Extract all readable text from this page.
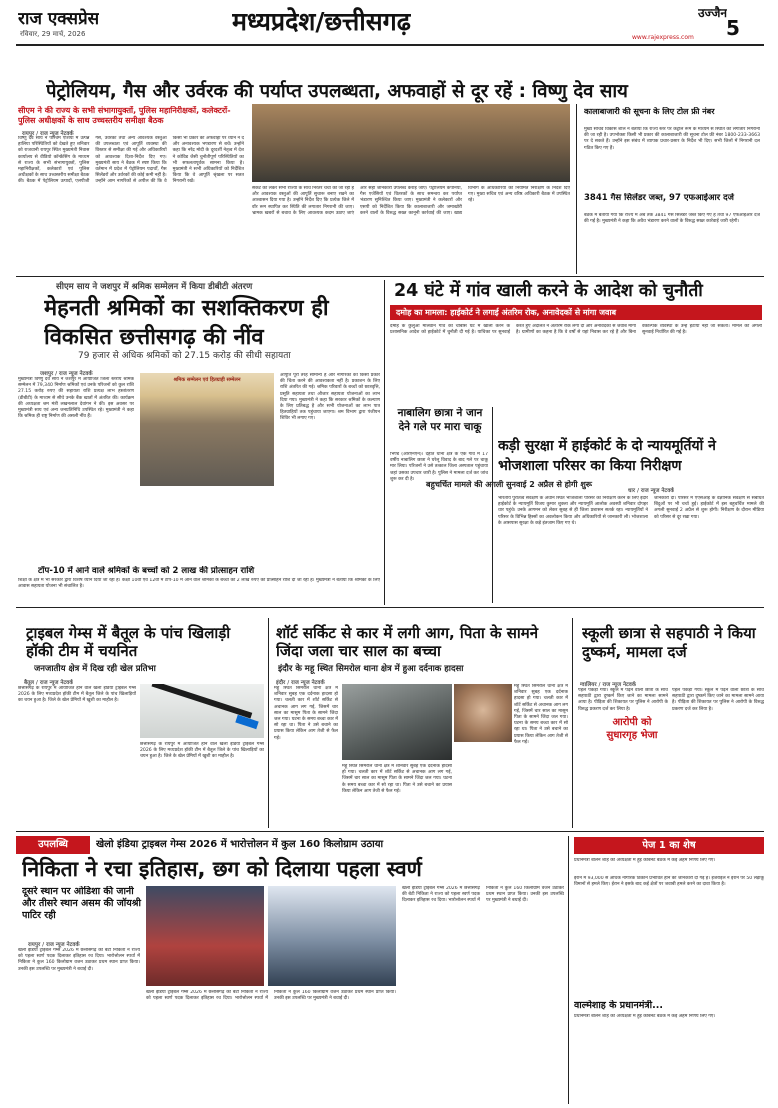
राज एक्सप्रेस
रविवार, 29 मार्च, 2026	मध्यप्रदेश/छत्तीसगढ़	उज्जैन
5
www.rajexpress.com
पेट्रोलियम, गैस और उर्वरक की पर्याप्त उपलब्धता, अफवाहों से दूर रहें : विष्णु देव साय
सीएम ने की राज्य के सभी संभागायुक्तों, पुलिस महानिरीक्षकों, कलेक्टरों-पुलिस अधीक्षकों के साथ उच्चस्तरीय समीक्षा बैठक
रायपुर / राज न्यूज नेटवर्क
विष्णु देव साय ने पश्चिम एशिया में उत्पन्न हालिया परिस्थितियों को देखते हुए शनिवार को राजधानी रायपुर स्थित मुख्यमंत्री निवास कार्यालय से वीडियो कॉन्फ्रेंसिंग के माध्यम से राज्य के सभी संभागायुक्तों, पुलिस महानिरीक्षकों, कलेक्टरों एवं पुलिस अधीक्षकों के साथ उच्चस्तरीय समीक्षा बैठक की। बैठक में पेट्रोलियम उत्पादों, एलपीजी गैस, उर्वरकों तथा अन्य आवश्यक वस्तुओं की उपलब्धता एवं आपूर्ति व्यवस्था की विस्तार से समीक्षा की गई और अधिकारियों को आवश्यक दिशा-निर्देश दिए गए। मुख्यमंत्री साय ने बैठक में स्पष्ट किया कि वर्तमान में प्रदेश में पेट्रोलियम पदार्थों, गैस सिलेंडरों और उर्वरकों की कोई कमी नहीं है। उन्होंने आम नागरिकों से अपील की कि वे किसी भी प्रकार की अफवाहों पर ध्यान न दें और अनावश्यक भण्डारण से बचें। उन्होंने कहा कि नरेंद्र मोदी के दूरदर्शी नेतृत्व में देश ने कोविड जैसी चुनौतीपूर्ण परिस्थितियों का भी सफलतापूर्वक सामना किया है। मुख्यमंत्री ने सभी अधिकारियों को निर्देशित किया कि वे आपूर्ति श्रृंखला पर सतत निगरानी रखें।
संकट को लेकर सभी राज्यों के साथ निरंतर चर्चा की जा रही है और आवश्यक वस्तुओं की आपूर्ति सुचारू बनाए रखने का आश्वासन दिया गया है। उन्होंने निर्देश दिए कि प्रत्येक जिले में वॉर रूम स्थापित कर स्थिति की लगातार निगरानी की जाए। भ्रामक खबरों से बचाव के लिए आवश्यक कदम उठाए जाएं और सही जानकारी उपलब्ध कराई जाए। पेट्रोलियम कंपनियों, गैस एजेंसियों एवं वितरकों के साथ समन्वय कर पर्याप्त भंडारण सुनिश्चित किया जाए। मुख्यमंत्री ने कलेक्टरों और एसपी को निर्देशित किया कि कालाबाजारी और जमाखोरी करने वालों के विरुद्ध सख्त कानूनी कार्रवाई की जाए। खाद्य विभाग के अधिकारियों को नियमित निरीक्षण के निर्देश दिए गए। मुख्य सचिव एवं अन्य वरिष्ठ अधिकारी बैठक में उपस्थित रहे।
कालाबाजारी की सूचना के लिए टोल फ्री नंबर
मुख्य सचिव विकास शील ने बताया कि राज्य स्तर पर कंट्रोल रूम के माध्यम से स्थिति की लगातार निगरानी की जा रही है। उपभोक्ता किसी भी प्रकार की कालाबाजारी की सूचना टोल फ्री नंबर 1800-233-3663 पर दे सकते हैं। उन्होंने इस संबंध में व्यापक प्रचार-प्रसार के निर्देश भी दिए। सभी जिलों में निगरानी दल गठित किए गए हैं।
3841 गैस सिलेंडर जब्त, 97 एफआईआर दर्ज
बैठक में बताया गया कि राज्य में अब तक 3841 गैस सिलेंडर जब्त किए गए हैं तथा 97 एफआईआर दर्ज की गई है। मुख्यमंत्री ने कहा कि अवैध भंडारण करने वालों के विरुद्ध सख्त कार्रवाई जारी रहेगी।
सीएम साय ने जशपुर में श्रमिक सम्मेलन में किया डीबीटी अंतरण
मेहनती श्रमिकों का सशक्तिकरण ही विकसित छत्तीसगढ़ की नींव
79 हजार से अधिक श्रमिकों को 27.15 करोड़ की सीधी सहायता
जशपुर / राज न्यूज नेटवर्क
मुख्यमंत्री विष्णु देव साय ने जशपुर में आयोजित जिला स्तरीय श्रमिक सम्मेलन में 79,340 निर्माण श्रमिकों एवं उनके परिजनों को कुल राशि 27.15 करोड़ रुपए की सहायता राशि प्रत्यक्ष लाभ हस्तांतरण (डीबीटी) के माध्यम से सीधे उनके बैंक खातों में अंतरित की। कार्यक्रम की अध्यक्षता श्रम मंत्री लखनलाल देवांगन ने की। इस अवसर पर मुख्यमंत्री साय एवं अन्य जनप्रतिनिधि उपस्थित रहे। मुख्यमंत्री ने कहा कि श्रमिक ही राष्ट्र निर्माण की असली नींव हैं।
श्रमिक सम्मेलन एवं हितग्राही सम्मेलन
आपूर्ति पूरी तरह सामान्य है और नागरिकों को किसी प्रकार की चिंता करने की आवश्यकता नहीं है। प्रकाशन के लिए राशि अंतरित की गई। श्रमिक परिवारों के बच्चों को छात्रवृत्ति, प्रसूति सहायता तथा औजार सहायता योजनाओं का लाभ दिया गया। मुख्यमंत्री ने कहा कि सरकार श्रमिकों के कल्याण के लिए प्रतिबद्ध है और सभी योजनाओं का लाभ पात्र हितग्राहियों तक पहुंचाया जाएगा। श्रम विभाग द्वारा पंजीयन शिविर भी लगाए गए।
टॉप-10 में आने वाले श्रमिकों के बच्चों को 2 लाख की प्रोत्साहन राशि
शिक्षा के क्षेत्र में भी सरकार द्वारा विशेष ध्यान दिया जा रहा है। कक्षा 10वीं एवं 12वीं में टॉप-10 में आने वाले श्रमिकों के बच्चों को 2 लाख रुपए की प्रोत्साहन राशि दी जा रही है। मुख्यमंत्री ने बताया कि श्रमिकों के लिए आवास सहायता योजना भी संचालित है।
24 घंटे में गांव खाली करने के आदेश को चुनौती
दमोह का मामला: हाईकोर्ट ने लगाई अंतरिम रोक, अनावेदकों से मांगा जवाब
दमोह के कुलुआ मालवान गांव को चौबीस घंटे में खाली करने के प्रशासनिक आदेश को हाईकोर्ट में चुनौती दी गई है। याचिका पर सुनवाई करते हुए अदालत ने अंतरिम रोक लगा दी और अनावेदकों से जवाब मांगा है। ग्रामीणों का कहना है कि वे वर्षों से यहां निवास कर रहे हैं और बिना वैकल्पिक व्यवस्था के उन्हें हटाया नहीं जा सकता। मामले की अगली सुनवाई निर्धारित की गई है।
नाबालिग छात्रा ने जान देने गले पर मारा चाकू
भिण्ड (आरएनएन)। देहात थाना क्षेत्र के एक गांव में 17 वर्षीय नाबालिग छात्रा ने घरेलू विवाद के बाद गले पर चाकू मार लिया। परिजनों ने उसे तत्काल जिला अस्पताल पहुंचाया जहां उसका उपचार जारी है। पुलिस ने मामला दर्ज कर जांच शुरू कर दी है।
कड़ी सुरक्षा में हाईकोर्ट के दो न्यायमूर्तियों ने भोजशाला परिसर का किया निरीक्षण
बहुचर्चित मामले की अगली सुनवाई 2 अप्रैल से होगी शुरू
धार / राज न्यूज नेटवर्क
भारतीय पुरातत्व सर्वेक्षण के अधीन स्थित भोजशाला परिसर का निरीक्षण करने के लिए इंदौर हाईकोर्ट के न्यायमूर्ति विजय कुमार शुक्ला और न्यायमूर्ति आलोक अवस्थी शनिवार दोपहर धार पहुंचे। उनके आगमन को लेकर सुबह से ही जिला प्रशासन सतर्क रहा। न्यायमूर्तियों ने परिसर के विभिन्न हिस्सों का अवलोकन किया और अधिकारियों से जानकारी ली। भोजशाला के आसपास सुरक्षा के कड़े इंतजाम किए गए थे।
जानकारी दी। परिसर में एएसआई के वैज्ञानिक सर्वेक्षण से संबंधित बिंदुओं पर भी चर्चा हुई। हाईकोर्ट में इस बहुचर्चित मामले की अगली सुनवाई 2 अप्रैल से शुरू होगी। निरीक्षण के दौरान मीडिया को परिसर से दूर रखा गया।
ट्राइबल गेम्स में बैतूल के पांच खिलाड़ी हॉकी टीम में चयनित
जनजातीय क्षेत्र में दिख रही खेल प्रतिभा
बैतूल / राज न्यूज नेटवर्क
छत्तीसगढ़ के रायपुर में आयोजित होने वाले खेलो इंडिया ट्राइबल गेम्स 2026 के लिए मध्यप्रदेश हॉकी टीम में बैतूल जिले के पांच खिलाड़ियों का चयन हुआ है। जिले के खेल प्रेमियों में खुशी का माहौल है।
छत्तीसगढ़ के रायपुर में आयोजित होने वाले खेलो इंडिया ट्राइबल गेम्स 2026 के लिए मध्यप्रदेश हॉकी टीम में बैतूल जिले के पांच खिलाड़ियों का चयन हुआ है। जिले के खेल प्रेमियों में खुशी का माहौल है।
शॉर्ट सर्किट से कार में लगी आग, पिता के सामने जिंदा जला चार साल का बच्चा
इंदौर के महू स्थित सिमरोल थाना क्षेत्र में हुआ दर्दनाक हादसा
इंदौर / राज न्यूज नेटवर्क
महू स्थित सिमरोल थाना क्षेत्र में शनिवार सुबह एक दर्दनाक हादसा हो गया। चलती कार में शॉर्ट सर्किट से अचानक आग लग गई, जिसमें चार साल का मासूम पिता के सामने जिंदा जल गया। घटना के समय बच्चा कार में सो रहा था। पिता ने उसे बचाने का प्रयास किया लेकिन आग तेजी से फैल गई।
महू स्थित सिमरोल थाना क्षेत्र में शनिवार सुबह एक दर्दनाक हादसा हो गया। चलती कार में शॉर्ट सर्किट से अचानक आग लग गई, जिसमें चार साल का मासूम पिता के सामने जिंदा जल गया। घटना के समय बच्चा कार में सो रहा था। पिता ने उसे बचाने का प्रयास किया लेकिन आग तेजी से फैल गई।
महू स्थित सिमरोल थाना क्षेत्र में शनिवार सुबह एक दर्दनाक हादसा हो गया। चलती कार में शॉर्ट सर्किट से अचानक आग लग गई, जिसमें चार साल का मासूम पिता के सामने जिंदा जल गया। घटना के समय बच्चा कार में सो रहा था। पिता ने उसे बचाने का प्रयास किया लेकिन आग तेजी से फैल गई।
स्कूली छात्रा से सहपाठी ने किया दुष्कर्म, मामला दर्ज
ग्वालियर / राज न्यूज नेटवर्क
पहले पकड़ा गया। स्कूल में पढ़ने वाली छात्रा के साथ सहपाठी द्वारा दुष्कर्म किए जाने का मामला सामने आया है। पीड़िता की शिकायत पर पुलिस ने आरोपी के विरुद्ध प्रकरण दर्ज कर लिया है।
आरोपी को सुधारगृह भेजा
पहले पकड़ा गया। स्कूल में पढ़ने वाली छात्रा के साथ सहपाठी द्वारा दुष्कर्म किए जाने का मामला सामने आया है। पीड़िता की शिकायत पर पुलिस ने आरोपी के विरुद्ध प्रकरण दर्ज कर लिया है।
उपलब्धि	खेलो इंडिया ट्राइबल गेम्स 2026 में भारोत्तोलन में कुल 160 किलोग्राम उठाया
निकिता ने रचा इतिहास, छग को दिलाया पहला स्वर्ण
दूसरे स्थान पर ओडिशा की जानी और तीसरे स्थान असम की जॉयश्री पाटिर रही
रायपुर / राज न्यूज नेटवर्क
खेलो इंडिया ट्राइबल गेम्स 2026 में छत्तीसगढ़ की बेटी निकिता ने राज्य को पहला स्वर्ण पदक दिलाकर इतिहास रच दिया। भारोत्तोलन स्पर्धा में निकिता ने कुल 160 किलोग्राम वजन उठाकर प्रथम स्थान प्राप्त किया। उनकी इस उपलब्धि पर मुख्यमंत्री ने बधाई दी।
खेलो इंडिया ट्राइबल गेम्स 2026 में छत्तीसगढ़ की बेटी निकिता ने राज्य को पहला स्वर्ण पदक दिलाकर इतिहास रच दिया। भारोत्तोलन स्पर्धा में निकिता ने कुल 160 किलोग्राम वजन उठाकर प्रथम स्थान प्राप्त किया। उनकी इस उपलब्धि पर मुख्यमंत्री ने बधाई दी।
खेलो इंडिया ट्राइबल गेम्स 2026 में छत्तीसगढ़ की बेटी निकिता ने राज्य को पहला स्वर्ण पदक दिलाकर इतिहास रच दिया। भारोत्तोलन स्पर्धा में निकिता ने कुल 160 किलोग्राम वजन उठाकर प्रथम स्थान प्राप्त किया। उनकी इस उपलब्धि पर मुख्यमंत्री ने बधाई दी।
पेज 1 का शेष
प्रधानमंत्री बालेन शाह की अध्यक्षता में हुई कैबिनेट बैठक में कई अहम निर्णय लिए गए।
ईरान में 93,000 से अधिक नागरिक ठिकाने प्रभावित होने की जानकारी दी गई है। इजराइल ने ईरान पर 50 लड़ाकू विमानों से हमले किए। ईरान ने इसके बाद कई क्षेत्रों पर जवाबी हमले करने का दावा किया है।
वाल्मेशाह के प्रधानमंत्री...
प्रधानमंत्री बालेन शाह की अध्यक्षता में हुई कैबिनेट बैठक में कई अहम निर्णय लिए गए।
